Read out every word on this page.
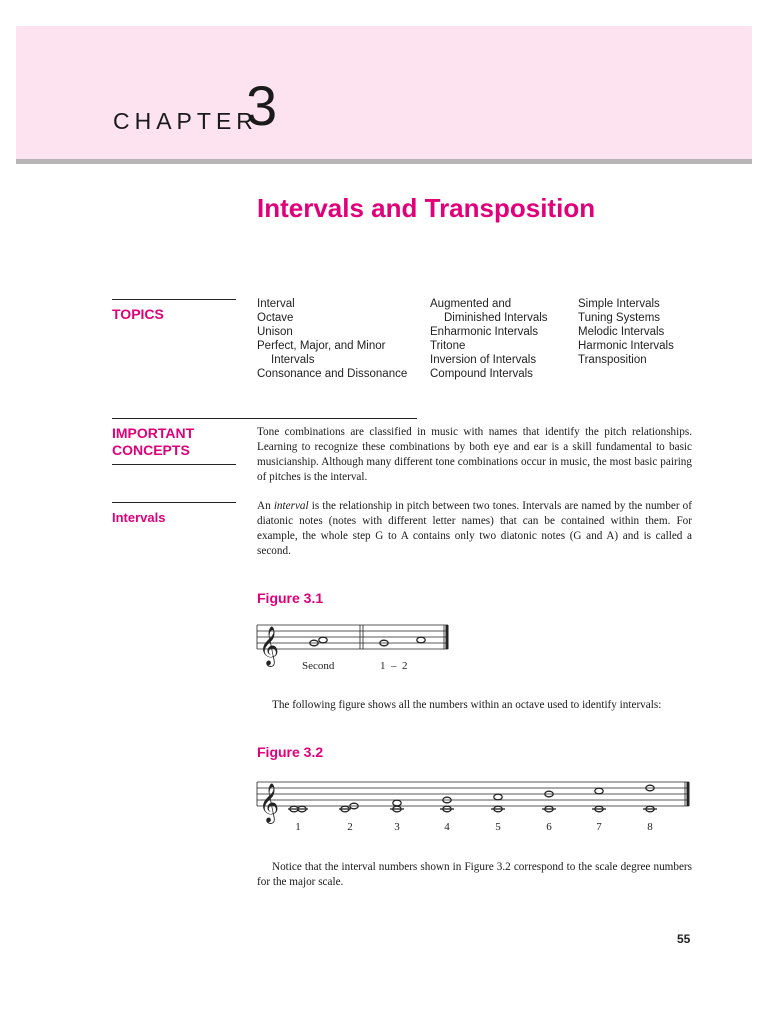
CHAPTER
3
Intervals and Transposition
TOPICS
Interval
Octave
Unison
Perfect, Major, and Minor
Intervals
Consonance and Dissonance
Augmented and
Diminished Intervals
Enharmonic Intervals
Tritone
Inversion of Intervals
Compound Intervals
Simple Intervals
Tuning Systems
Melodic Intervals
Harmonic Intervals
Transposition
IMPORTANT
CONCEPTS
Tone combinations are classified in music with names that identify the pitch relationships. Learning to recognize these combinations by both eye and ear is a skill fundamental to basic musicianship. Although many different tone combinations occur in music, the most basic pairing of pitches is the interval.
Intervals
An interval is the relationship in pitch between two tones. Intervals are named by the number of diatonic notes (notes with different letter names) that can be contained within them. For example, the whole step G to A contains only two diatonic notes (G and A) and is called a second.
Figure 3.1
𝄞 Second	1  –  2
The following figure shows all the numbers within an octave used to identify intervals:
Figure 3.2
𝄞
1	2	3	4	5	6	7	8
Notice that the interval numbers shown in Figure 3.2 correspond to the scale degree numbers for the major scale.
55
